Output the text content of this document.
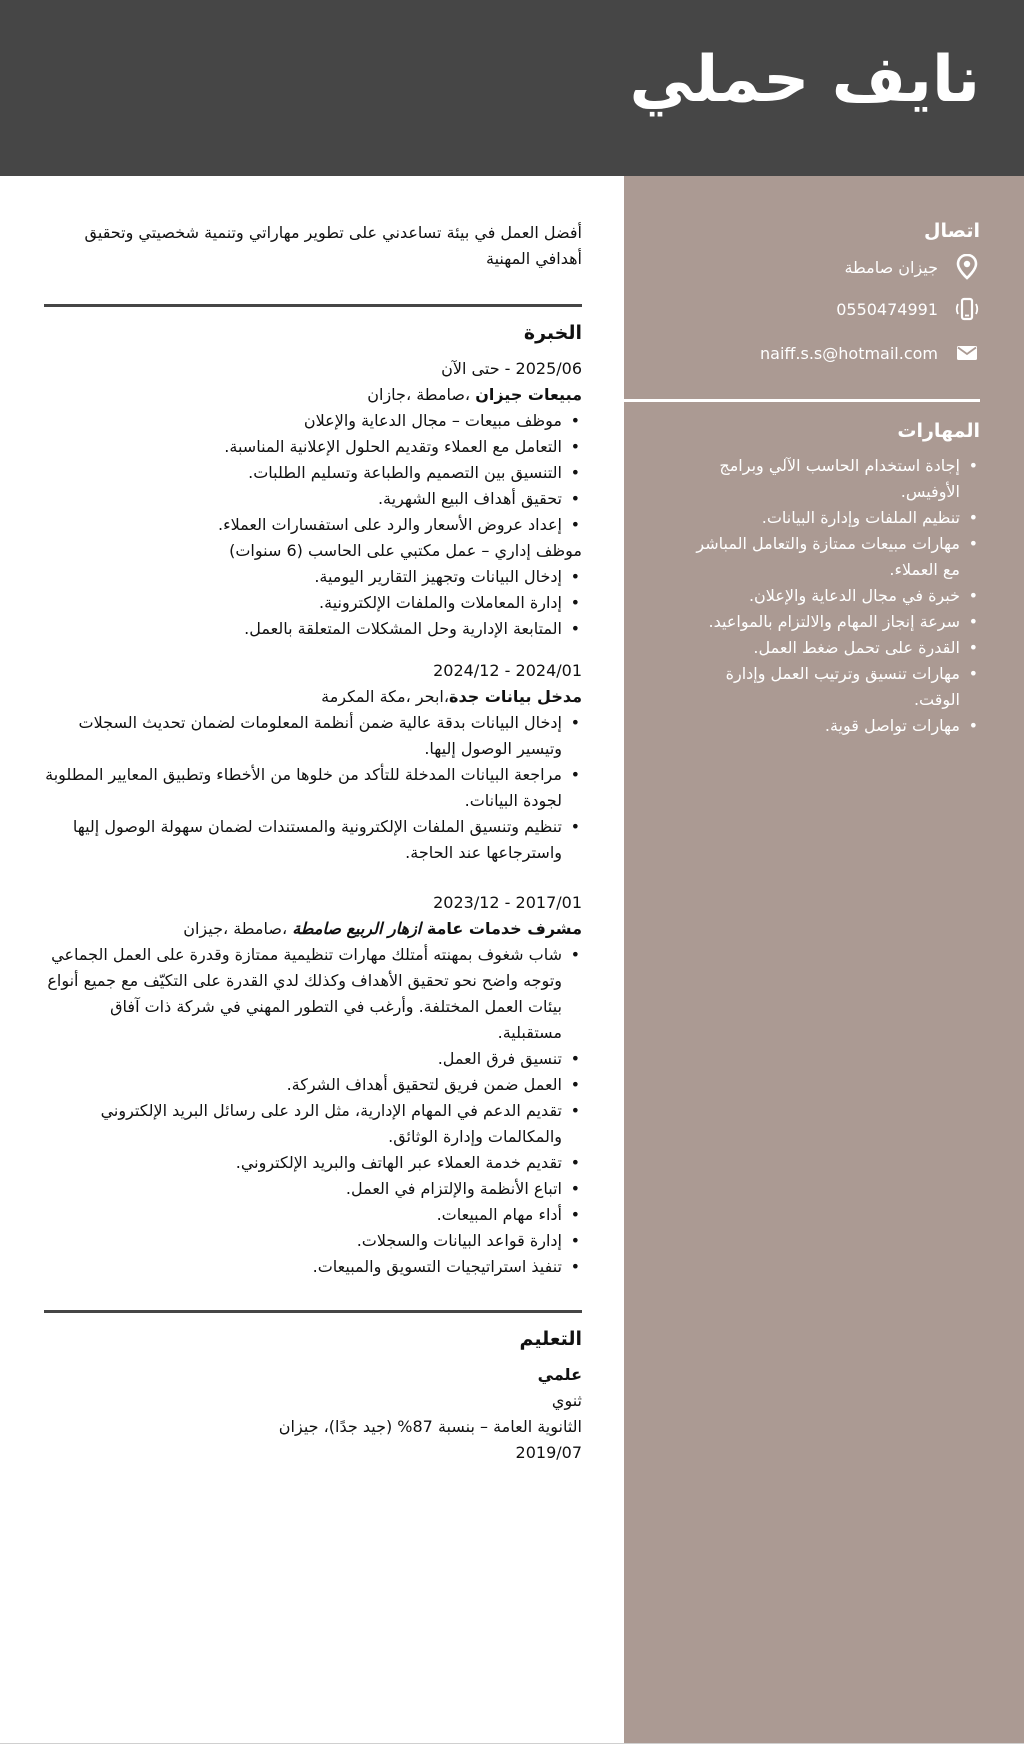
نايف حملي
اتصال
جيزان صامطة
0550474991
naiff.s.s@hotmail.com
المهارات
• إجادة استخدام الحاسب الآلي وبرامج الأوفيس.
• تنظيم الملفات وإدارة البيانات.
• مهارات مبيعات ممتازة والتعامل المباشر مع العملاء.
• خبرة في مجال الدعاية والإعلان.
• سرعة إنجاز المهام والالتزام بالمواعيد.
• القدرة على تحمل ضغط العمل.
• مهارات تنسيق وترتيب العمل وإدارة الوقت.
• مهارات تواصل قوية.

أفضل العمل في بيئة تساعدني على تطوير مهاراتي وتنمية شخصيتي وتحقيق أهدافي المهنية

الخبرة
2025/06 - حتى الآن
مبيعات جيزان ،صامطة ،جازان
• موظف مبيعات – مجال الدعاية والإعلان
• التعامل مع العملاء وتقديم الحلول الإعلانية المناسبة.
• التنسيق بين التصميم والطباعة وتسليم الطلبات.
• تحقيق أهداف البيع الشهرية.
• إعداد عروض الأسعار والرد على استفسارات العملاء.
موظف إداري – عمل مكتبي على الحاسب (6 سنوات)
• إدخال البيانات وتجهيز التقارير اليومية.
• إدارة المعاملات والملفات الإلكترونية.
• المتابعة الإدارية وحل المشكلات المتعلقة بالعمل.
2024/01 - 2024/12
مدخل بيانات جدة،ابحر ،مكة المكرمة
• إدخال البيانات بدقة عالية ضمن أنظمة المعلومات لضمان تحديث السجلات وتيسير الوصول إليها.
• مراجعة البيانات المدخلة للتأكد من خلوها من الأخطاء وتطبيق المعايير المطلوبة لجودة البيانات.
• تنظيم وتنسيق الملفات الإلكترونية والمستندات لضمان سهولة الوصول إليها واسترجاعها عند الحاجة.
2017/01 - 2023/12
مشرف خدمات عامة ازهار الربيع صامطة ،صامطة ،جيزان
• شاب شغوف بمهنته أمتلك مهارات تنظيمية ممتازة وقدرة على العمل الجماعي وتوجه واضح نحو تحقيق الأهداف وكذلك لدي القدرة على التكيّف مع جميع أنواع بيئات العمل المختلفة. وأرغب في التطور المهني في شركة ذات آفاق مستقبلية.
• تنسيق فرق العمل.
• العمل ضمن فريق لتحقيق أهداف الشركة.
• تقديم الدعم في المهام الإدارية، مثل الرد على رسائل البريد الإلكتروني والمكالمات وإدارة الوثائق.
• تقديم خدمة العملاء عبر الهاتف والبريد الإلكتروني.
• اتباع الأنظمة والإلتزام في العمل.
• أداء مهام المبيعات.
• إدارة قواعد البيانات والسجلات.
• تنفيذ استراتيجيات التسويق والمبيعات.
التعليم
علمي
ثنوي
الثانوية العامة – بنسبة 87% (جيد جدًا)، جيزان
2019/07
